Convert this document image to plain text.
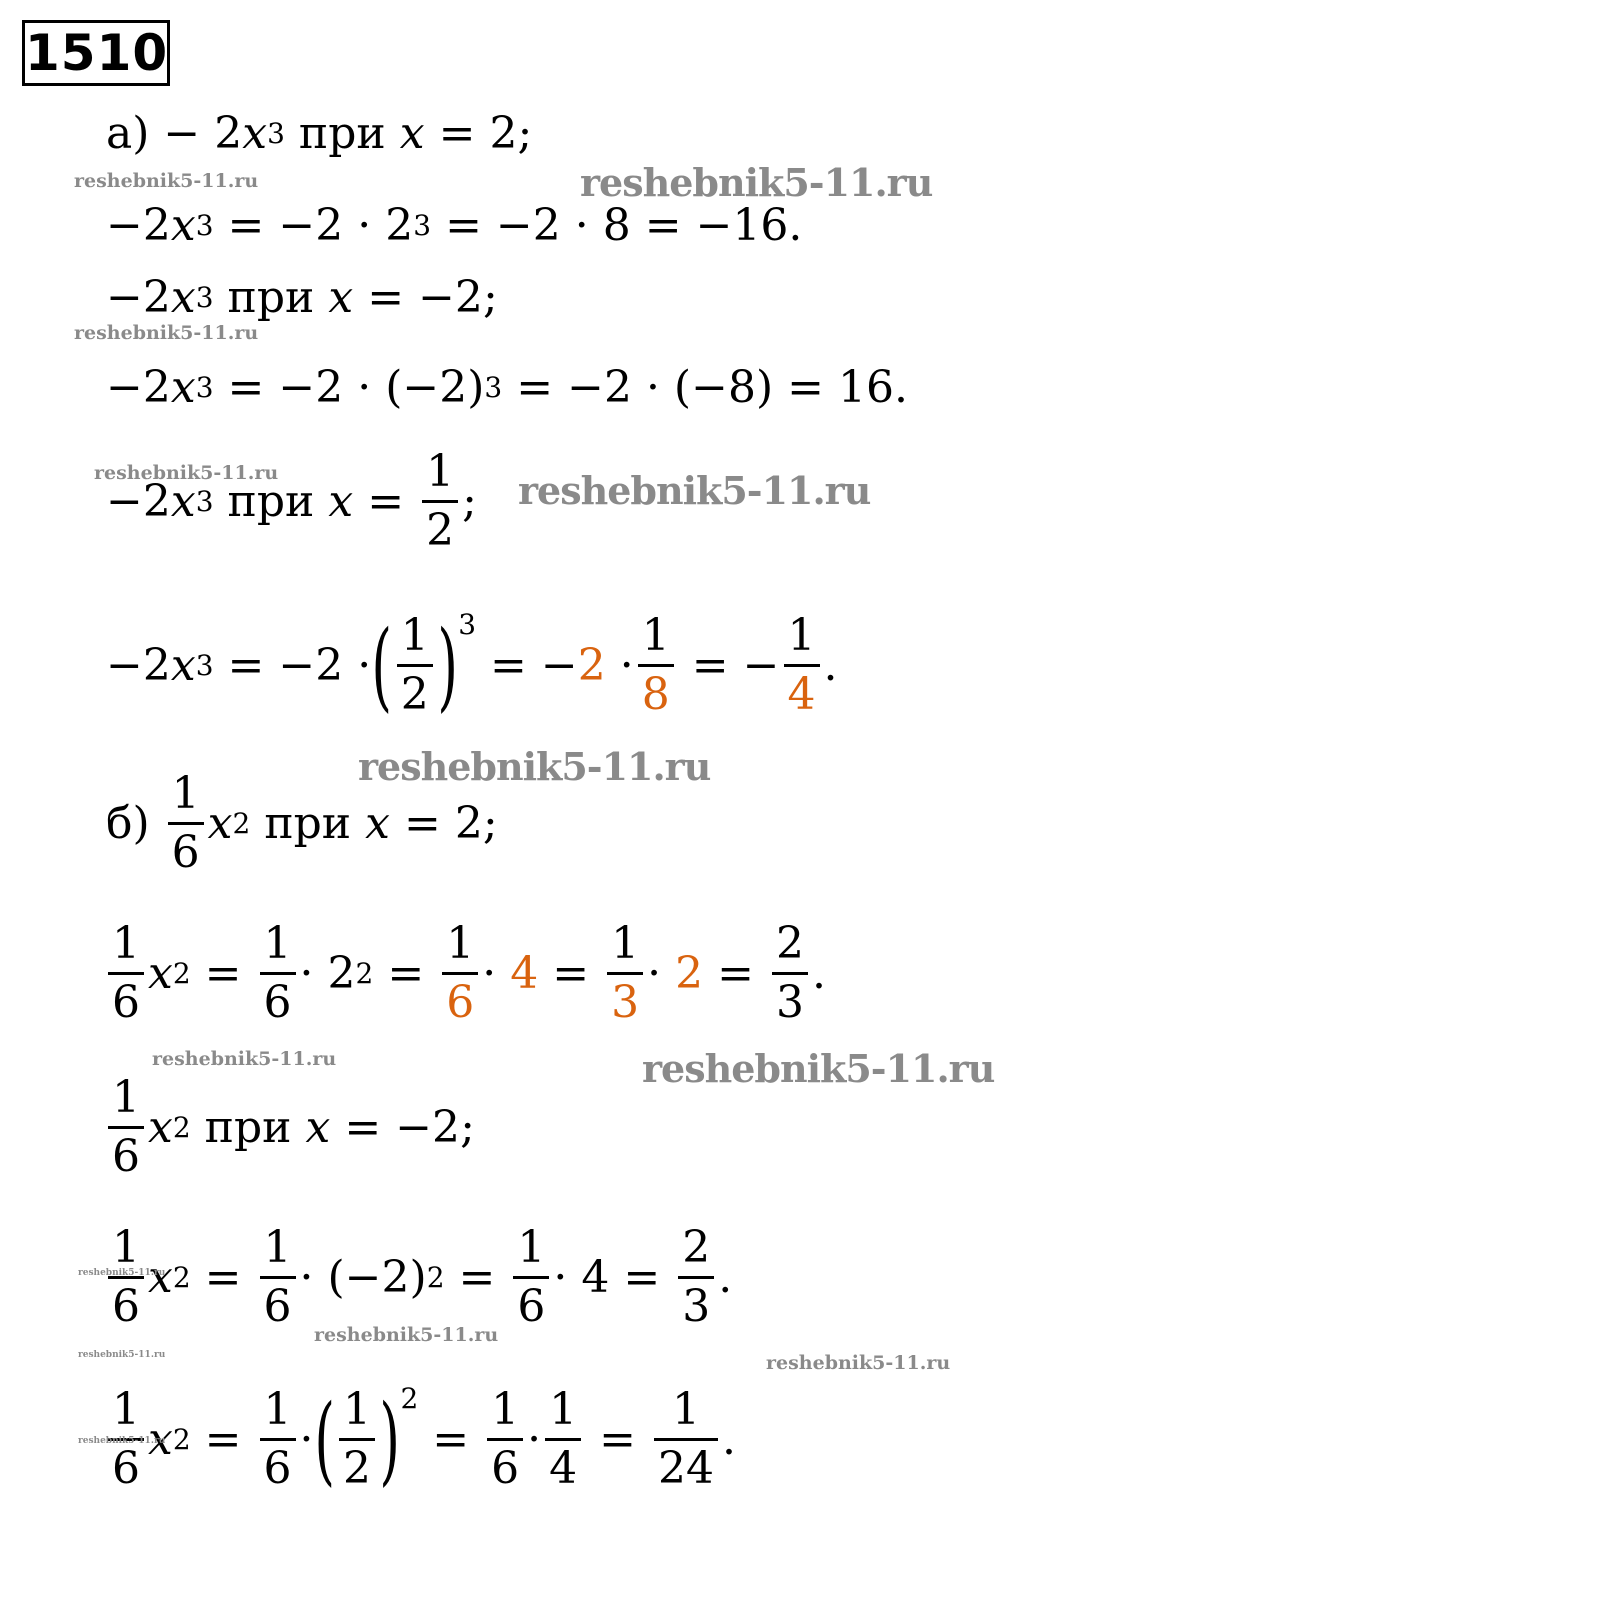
1510
а) − 2 x 3 при x = 2 ;
−2 x 3 = −2 · 2 3 = −2 · 8 = −16.
−2 x 3 при x = −2 ;
−2 x 3 = −2 · (−2) 3 = −2 · (−8) = 16.
−2 x 3 при $x = \frac{1}{2}$ ;
−2 x 3 = −2 · ( $\frac{1}{2}$ ) 3
= − $2 \cdot \frac{1}{8}$ = − $\frac{1}{4}$ .
$б) \frac{1}{6}$ x 2 при x = 2 ;
$\frac{1}{6}$ x $2 = \frac{1}{6} \cdot 2$ $2 = \frac{1}{6} \cdot 4 = \frac{1}{3} \cdot 2 = \frac{2}{3}$ .
$\frac{1}{6}$ x 2 при x = −2 ;
$\frac{1}{6}$ x $2 = \frac{1}{6} \cdot (-2) 2 = \frac{1}{6} \cdot 4 = \frac{2}{3}$ .
$\frac{1}{6}$ x $2 = \frac{1}{6}$ · ( $\frac{1}{2}$ ) 2
= $\frac{1}{6} \cdot \frac{1}{4} = \frac{1}{24}$ .
reshebnik5-11.ru	reshebnik5-11.ru
reshebnik5-11.ru
reshebnik5-11.ru	reshebnik5-11.ru
reshebnik5-11.ru
reshebnik5-11.ru	reshebnik5-11.ru
reshebnik5-11.ru
reshebnik5-11.ru
reshebnik5-11.ru	reshebnik5-11.ru
reshebnik5-11.ru
